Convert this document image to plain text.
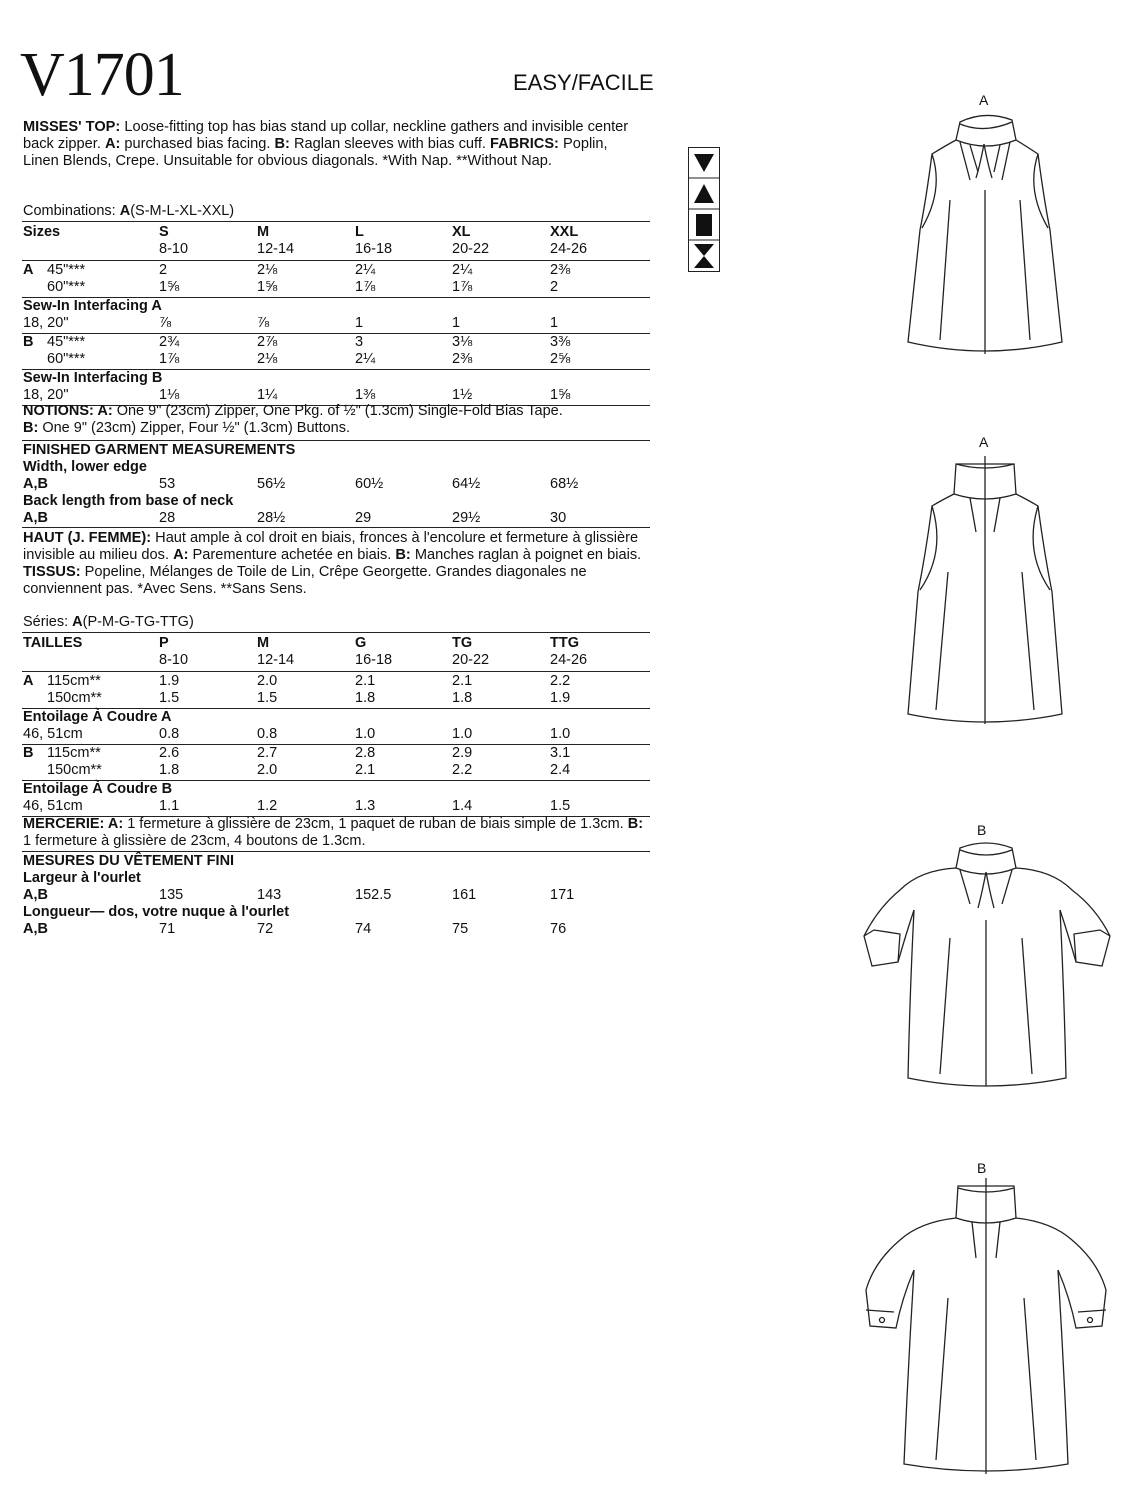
V1701	EASY/FACILE

MISSES' TOP: Loose-fitting top has bias stand up collar, neckline gathers and invisible center back zipper. A: purchased bias facing. B: Raglan sleeves with bias cuff. FABRICS: Poplin, Linen Blends, Crepe. Unsuitable for obvious diagonals. *With Nap. **Without Nap.

Combinations: A(S-M-L-XL-XXL)
Sizes	S	M	L	XL	XXL
8-10	12-14	16-18	20-22	24-26
A 45"***	2	2⅛	2¼	2¼	2⅜
60"***	1⅝	1⅝	1⅞	1⅞	2
Sew-In Interfacing A
18, 20"	⅞	⅞	1	1	1
B 45"***	2¾	2⅞	3	3⅛	3⅜
60"***	1⅞	2⅛	2¼	2⅜	2⅝
Sew-In Interfacing B
18, 20"	1⅛	1¼	1⅜	1½	1⅝
NOTIONS: A: One 9" (23cm) Zipper, One Pkg. of ½" (1.3cm) Single-Fold Bias Tape.
B: One 9" (23cm) Zipper, Four ½" (1.3cm) Buttons.
FINISHED GARMENT MEASUREMENTS
Width, lower edge
A,B	53	56½	60½	64½	68½
Back length from base of neck
A,B	28	28½	29	29½	30

HAUT (J. FEMME): Haut ample à col droit en biais, fronces à l'encolure et fermeture à glissière invisible au milieu dos. A: Parementure achetée en biais. B: Manches raglan à poignet en biais. TISSUS: Popeline, Mélanges de Toile de Lin, Crêpe Georgette. Grandes diagonales ne conviennent pas. *Avec Sens. **Sans Sens.

Séries: A(P-M-G-TG-TTG)
TAILLES	P	M	G	TG	TTG
8-10	12-14	16-18	20-22	24-26
A 115cm**	1.9	2.0	2.1	2.1	2.2
150cm**	1.5	1.5	1.8	1.8	1.9
Entoilage À Coudre A
46, 51cm	0.8	0.8	1.0	1.0	1.0
B 115cm**	2.6	2.7	2.8	2.9	3.1
150cm**	1.8	2.0	2.1	2.2	2.4
Entoilage À Coudre B
46, 51cm	1.1	1.2	1.3	1.4	1.5
MERCERIE: A: 1 fermeture à glissière de 23cm, 1 paquet de ruban de biais simple de 1.3cm. B: 1 fermeture à glissière de 23cm, 4 boutons de 1.3cm.
MESURES DU VÊTEMENT FINI
Largeur à l'ourlet
A,B	135	143	152.5	161	171
Longueur— dos, votre nuque à l'ourlet
A,B	71	72	74	75	76
A
A
B
B
